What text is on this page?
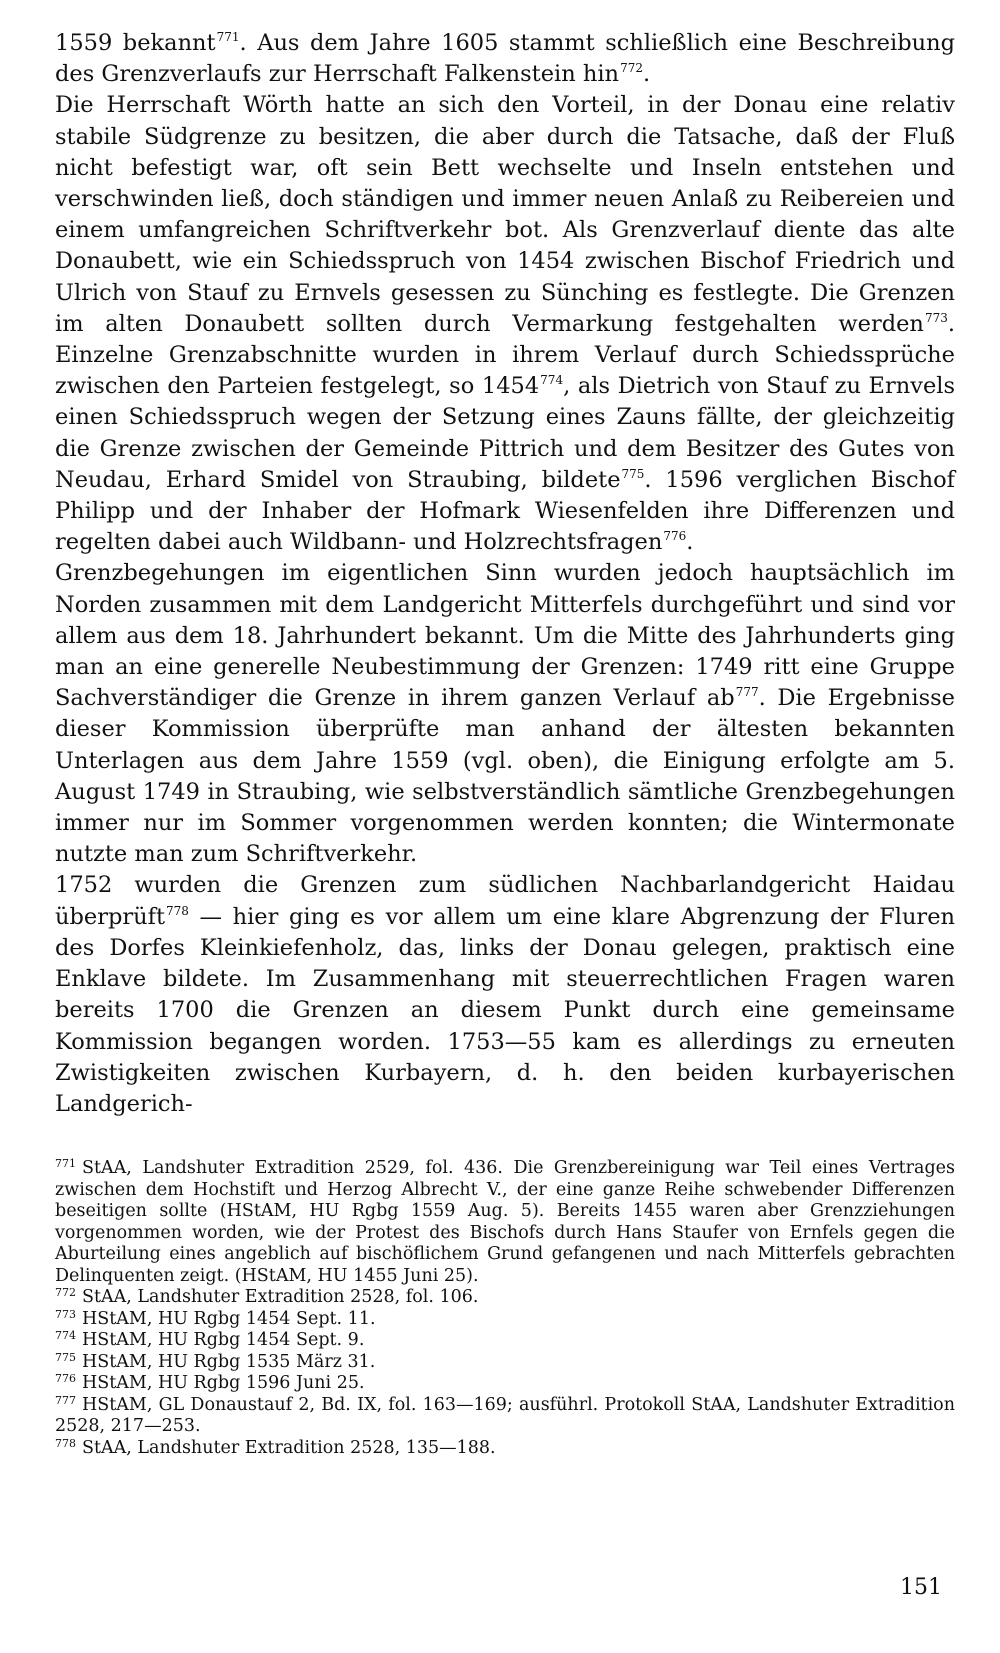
1559 bekannt$^{771}$. Aus dem Jahre 1605 stammt schließlich eine Beschreibung des Grenzverlaufs zur Herrschaft Falkenstein hin$^{772}$.

Die Herrschaft Wörth hatte an sich den Vorteil, in der Donau eine relativ stabile Südgrenze zu besitzen, die aber durch die Tatsache, daß der Fluß nicht befestigt war, oft sein Bett wechselte und Inseln entstehen und verschwinden ließ, doch ständigen und immer neuen Anlaß zu Reibereien und einem umfangreichen Schriftverkehr bot. Als Grenzverlauf diente das alte Donaubett, wie ein Schiedsspruch von 1454 zwischen Bischof Friedrich und Ulrich von Stauf zu Ernvels gesessen zu Sünching es festlegte. Die Grenzen im alten Donaubett sollten durch Vermarkung festgehalten werden$^{773}$. Einzelne Grenzabschnitte wurden in ihrem Verlauf durch Schiedssprüche zwischen den Parteien festgelegt, so 1454$^{774}$, als Dietrich von Stauf zu Ernvels einen Schiedsspruch wegen der Setzung eines Zauns fällte, der gleichzeitig die Grenze zwischen der Gemeinde Pittrich und dem Besitzer des Gutes von Neudau, Erhard Smidel von Straubing, bildete$^{775}$. 1596 verglichen Bischof Philipp und der Inhaber der Hofmark Wiesenfelden ihre Differenzen und regelten dabei auch Wildbann- und Holzrechtsfragen$^{776}$.

Grenzbegehungen im eigentlichen Sinn wurden jedoch hauptsächlich im Norden zusammen mit dem Landgericht Mitterfels durchgeführt und sind vor allem aus dem 18. Jahrhundert bekannt. Um die Mitte des Jahrhunderts ging man an eine generelle Neubestimmung der Grenzen: 1749 ritt eine Gruppe Sachverständiger die Grenze in ihrem ganzen Verlauf $ab^{777}$. Die Ergebnisse dieser Kommission überprüfte man anhand der ältesten bekannten Unterlagen aus dem Jahre 1559 (vgl. oben), die Einigung erfolgte am 5. August 1749 in Straubing, wie selbstverständlich sämtliche Grenzbegehungen immer nur im Sommer vorgenommen werden konnten; die Wintermonate nutzte man zum Schriftverkehr.

1752 wurden die Grenzen zum südlichen Nachbarlandgericht Haidau überprüft$^{778}$ — hier ging es vor allem um eine klare Abgrenzung der Fluren des Dorfes Kleinkiefenholz, das, links der Donau gelegen, praktisch eine Enklave bildete. Im Zusammenhang mit steuerrechtlichen Fragen waren bereits 1700 die Grenzen an diesem Punkt durch eine gemeinsame Kommission begangen worden. 1753—55 kam es allerdings zu erneuten Zwistigkeiten zwischen Kurbayern, d. h. den beiden kurbayerischen Landgerich-

$^{771}$ StAA, Landshuter Extradition 2529, fol. 436. Die Grenzbereinigung war Teil eines Vertrages zwischen dem Hochstift und Herzog Albrecht V., der eine ganze Reihe schwebender Differenzen beseitigen sollte (HStAM, HU Rgbg 1559 Aug. 5). Bereits 1455 waren aber Grenzziehungen vorgenommen worden, wie der Protest des Bischofs durch Hans Staufer von Ernfels gegen die Aburteilung eines angeblich auf bischöflichem Grund gefangenen und nach Mitterfels gebrachten Delinquenten zeigt. (HStAM, HU 1455 Juni 25).

$^{772}$ StAA, Landshuter Extradition 2528, fol. 106.

$^{773}$ HStAM, HU Rgbg 1454 Sept. 11.

$^{774}$ HStAM, HU Rgbg 1454 Sept. 9.

$^{775}$ HStAM, HU Rgbg 1535 März 31.

$^{776}$ HStAM, HU Rgbg 1596 Juni 25.

$^{777}$ HStAM, GL Donaustauf 2, Bd. IX, fol. 163—169; ausführl. Protokoll StAA, Landshuter Extradition 2528, 217—253.

$^{778}$ StAA, Landshuter Extradition 2528, 135—188.

151
